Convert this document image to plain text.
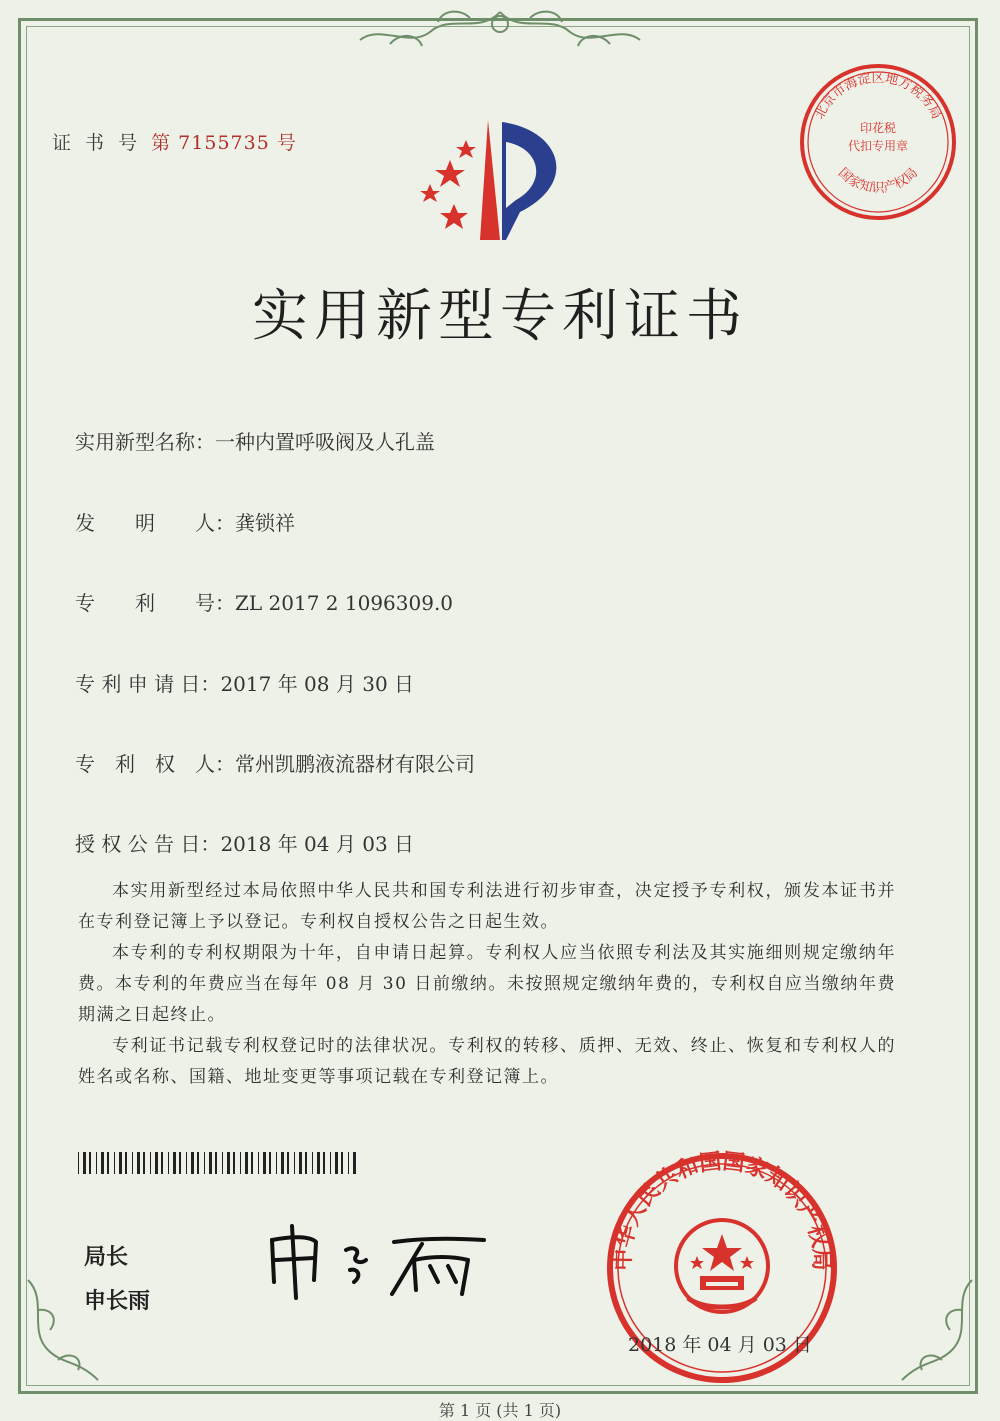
证 书 号 第 7155735 号
实用新型专利证书
北京市海淀区地方税务局
印花税
代扣专用章
国家知识产权局
实用新型名称：一种内置呼吸阀及人孔盖
发　　明　　人：龚锁祥
专　　利　　号：ZL 2017 2 1096309.0
专 利 申 请 日：2017 年 08 月 30 日
专　利　权　人：常州凯鹏液流器材有限公司
授 权 公 告 日：2018 年 04 月 03 日

本实用新型经过本局依照中华人民共和国专利法进行初步审查，决定授予专利权，颁发本证书并在专利登记簿上予以登记。专利权自授权公告之日起生效。

本专利的专利权期限为十年，自申请日起算。专利权人应当依照专利法及其实施细则规定缴纳年费。本专利的年费应当在每年 08 月 30 日前缴纳。未按照规定缴纳年费的，专利权自应当缴纳年费期满之日起终止。

专利证书记载专利权登记时的法律状况。专利权的转移、质押、无效、终止、恢复和专利权人的姓名或名称、国籍、地址变更等事项记载在专利登记簿上。

局长
申长雨
中华人民共和国国家知识产权局
2018 年 04 月 03 日
第 1 页 (共 1 页)
